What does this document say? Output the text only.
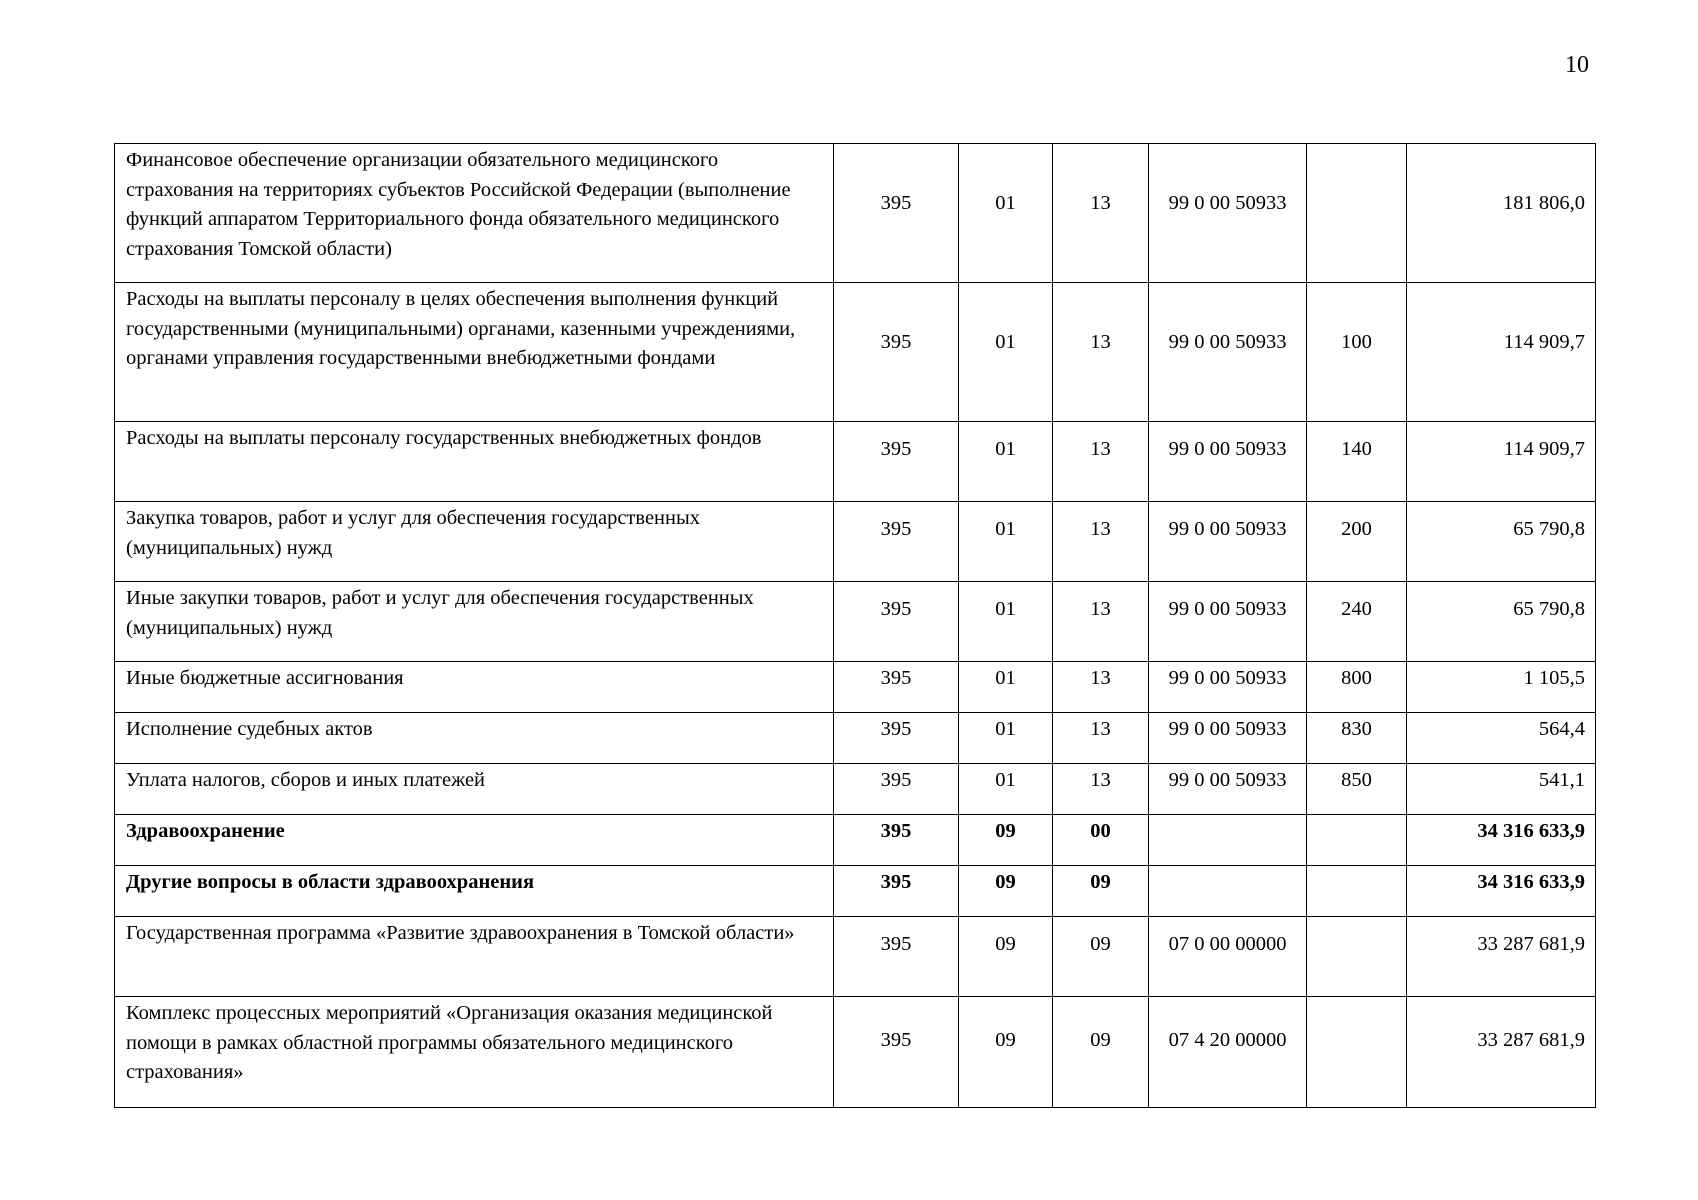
10
Финансовое обеспечение организации обязательного медицинского страхования на территориях субъектов Российской Федерации (выполнение функций аппаратом Территориального фонда обязательного медицинского страхования Томской области)	395	01	13	99 0 00 50933		181 806,0
Расходы на выплаты персоналу в целях обеспечения выполнения функций государственными (муниципальными) органами, казенными учреждениями, органами управления государственными внебюджетными фондами	395	01	13	99 0 00 50933	100	114 909,7
Расходы на выплаты персоналу государственных внебюджетных фондов	395	01	13	99 0 00 50933	140	114 909,7
Закупка товаров, работ и услуг для обеспечения государственных (муниципальных) нужд	395	01	13	99 0 00 50933	200	65 790,8
Иные закупки товаров, работ и услуг для обеспечения государственных (муниципальных) нужд	395	01	13	99 0 00 50933	240	65 790,8
Иные бюджетные ассигнования	395	01	13	99 0 00 50933	800	1 105,5
Исполнение судебных актов	395	01	13	99 0 00 50933	830	564,4
Уплата налогов, сборов и иных платежей	395	01	13	99 0 00 50933	850	541,1
Здравоохранение	395	09	00			34 316 633,9
Другие вопросы в области здравоохранения	395	09	09			34 316 633,9
Государственная программа «Развитие здравоохранения в Томской области»	395	09	09	07 0 00 00000		33 287 681,9
Комплекс процессных мероприятий «Организация оказания медицинской помощи в рамках областной программы обязательного медицинского страхования»	395	09	09	07 4 20 00000		33 287 681,9
